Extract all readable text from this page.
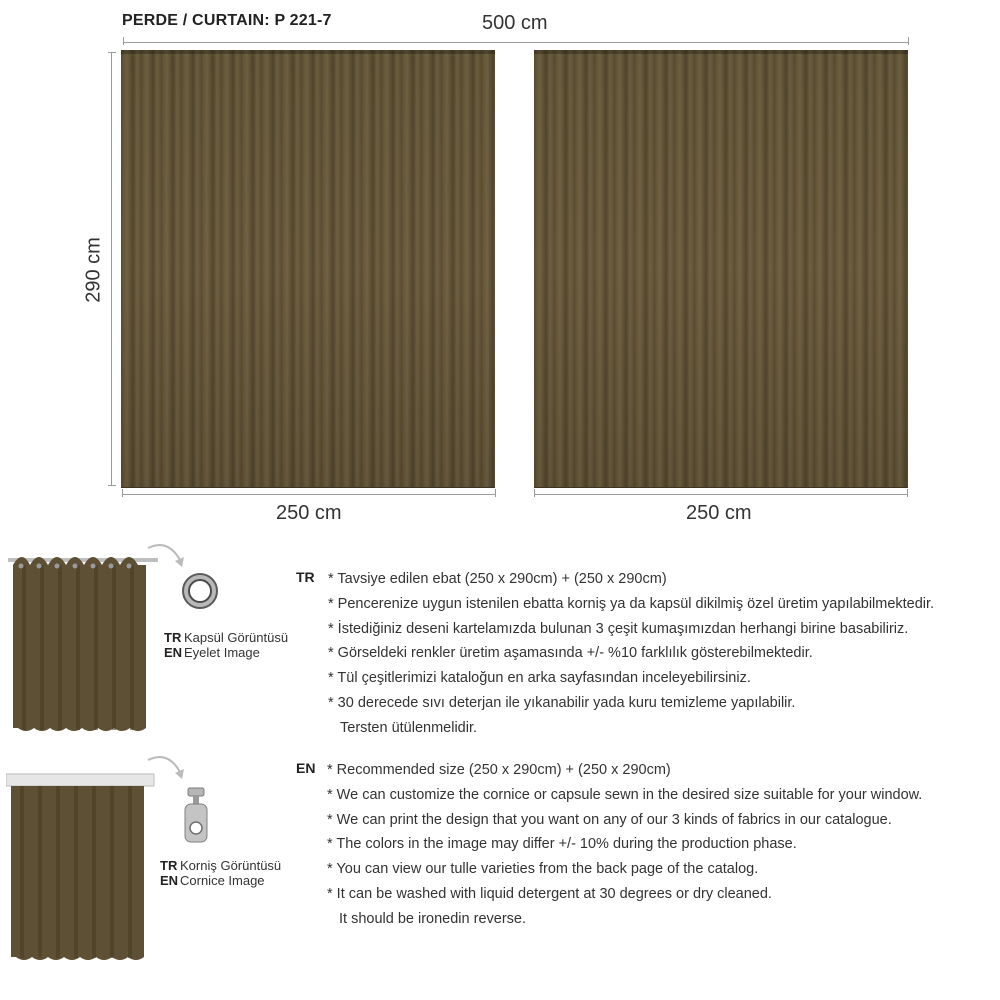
PERDE / CURTAIN: P 221-7	500 cm
290 cm
250 cm	250 cm
TR Kapsül Görüntüsü
EN Eyelet Image
TR Korniş Görüntüsü
EN Cornice Image
TR * Tavsiye edilen ebat (250 x 290cm) + (250 x 290cm)
* Pencerenize uygun istenilen ebatta korniş ya da kapsül dikilmiş özel üretim yapılabilmektedir.
* İstediğiniz deseni kartelamızda bulunan 3 çeşit kumaşımızdan herhangi birine basabiliriz.
* Görseldeki renkler üretim aşamasında +/- %10 farklılık gösterebilmektedir.
* Tül çeşitlerimizi kataloğun en arka sayfasından inceleyebilirsiniz.
* 30 derecede sıvı deterjan ile yıkanabilir yada kuru temizleme yapılabilir.
Tersten ütülenmelidir.
EN * Recommended size (250 x 290cm) + (250 x 290cm)
* We can customize the cornice or capsule sewn in the desired size suitable for your window.
* We can print the design that you want on any of our 3 kinds of fabrics in our catalogue.
* The colors in the image may differ +/- 10% during the production phase.
* You can view our tulle varieties from the back page of the catalog.
* It can be washed with liquid detergent at 30 degrees or dry cleaned.
It should be ironedin reverse.
